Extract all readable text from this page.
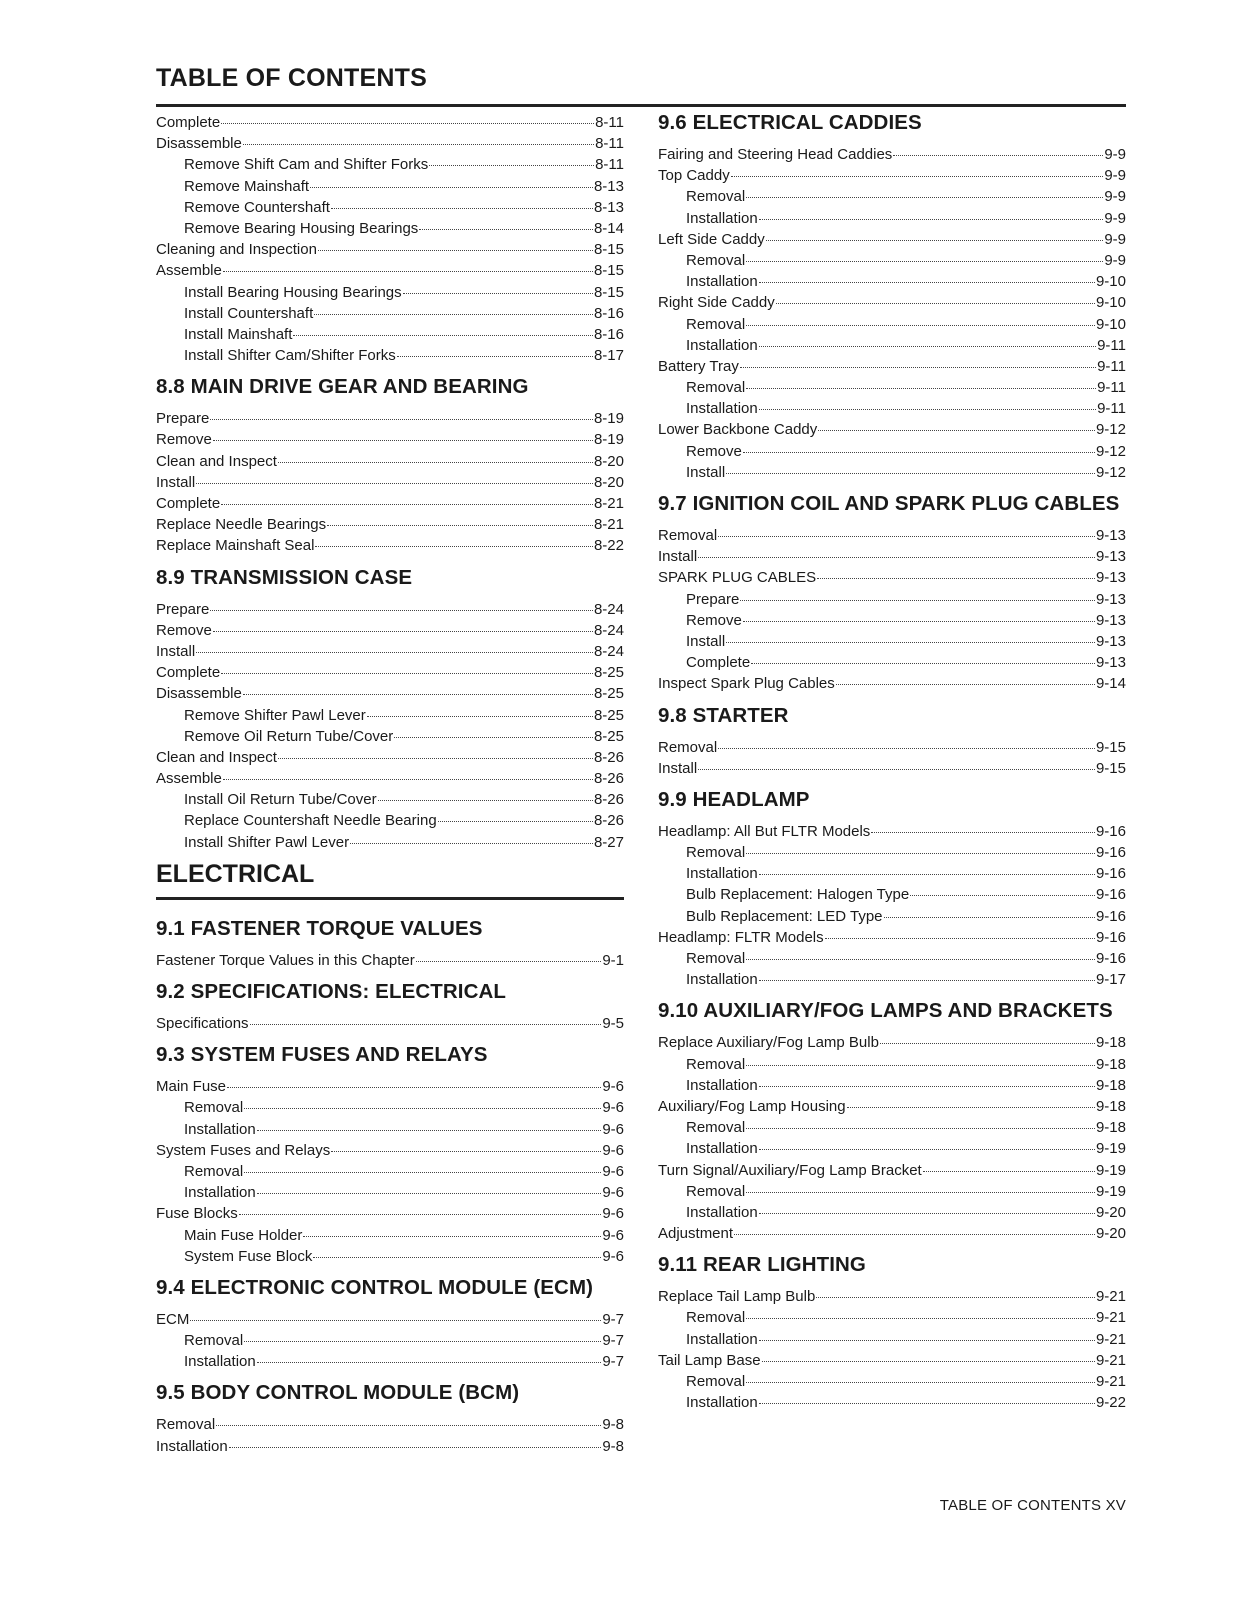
TABLE OF CONTENTS
Complete	8-11
Disassemble	8-11
Remove Shift Cam and Shifter Forks	8-11
Remove Mainshaft	8-13
Remove Countershaft	8-13
Remove Bearing Housing Bearings	8-14
Cleaning and Inspection	8-15
Assemble	8-15
Install Bearing Housing Bearings	8-15
Install Countershaft	8-16
Install Mainshaft	8-16
Install Shifter Cam/Shifter Forks	8-17
8.8 MAIN DRIVE GEAR AND BEARING
Prepare	8-19
Remove	8-19
Clean and Inspect	8-20
Install	8-20
Complete	8-21
Replace Needle Bearings	8-21
Replace Mainshaft Seal	8-22
8.9 TRANSMISSION CASE
Prepare	8-24
Remove	8-24
Install	8-24
Complete	8-25
Disassemble	8-25
Remove Shifter Pawl Lever	8-25
Remove Oil Return Tube/Cover	8-25
Clean and Inspect	8-26
Assemble	8-26
Install Oil Return Tube/Cover	8-26
Replace Countershaft Needle Bearing	8-26
Install Shifter Pawl Lever	8-27
ELECTRICAL
9.1 FASTENER TORQUE VALUES
Fastener Torque Values in this Chapter	9-1
9.2 SPECIFICATIONS: ELECTRICAL
Specifications	9-5
9.3 SYSTEM FUSES AND RELAYS
Main Fuse	9-6
Removal	9-6
Installation	9-6
System Fuses and Relays	9-6
Removal	9-6
Installation	9-6
Fuse Blocks	9-6
Main Fuse Holder	9-6
System Fuse Block	9-6
9.4 ELECTRONIC CONTROL MODULE (ECM)
ECM	9-7
Removal	9-7
Installation	9-7
9.5 BODY CONTROL MODULE (BCM)
Removal	9-8
Installation	9-8
9.6 ELECTRICAL CADDIES
Fairing and Steering Head Caddies	9-9
Top Caddy	9-9
Removal	9-9
Installation	9-9
Left Side Caddy	9-9
Removal	9-9
Installation	9-10
Right Side Caddy	9-10
Removal	9-10
Installation	9-11
Battery Tray	9-11
Removal	9-11
Installation	9-11
Lower Backbone Caddy	9-12
Remove	9-12
Install	9-12
9.7 IGNITION COIL AND SPARK PLUG CABLES
Removal	9-13
Install	9-13
SPARK PLUG CABLES	9-13
Prepare	9-13
Remove	9-13
Install	9-13
Complete	9-13
Inspect Spark Plug Cables	9-14
9.8 STARTER
Removal	9-15
Install	9-15
9.9 HEADLAMP
Headlamp: All But FLTR Models	9-16
Removal	9-16
Installation	9-16
Bulb Replacement: Halogen Type	9-16
Bulb Replacement: LED Type	9-16
Headlamp: FLTR Models	9-16
Removal	9-16
Installation	9-17
9.10 AUXILIARY/FOG LAMPS AND BRACKETS
Replace Auxiliary/Fog Lamp Bulb	9-18
Removal	9-18
Installation	9-18
Auxiliary/Fog Lamp Housing	9-18
Removal	9-18
Installation	9-19
Turn Signal/Auxiliary/Fog Lamp Bracket	9-19
Removal	9-19
Installation	9-20
Adjustment	9-20
9.11 REAR LIGHTING
Replace Tail Lamp Bulb	9-21
Removal	9-21
Installation	9-21
Tail Lamp Base	9-21
Removal	9-21
Installation	9-22
TABLE OF CONTENTS XV
